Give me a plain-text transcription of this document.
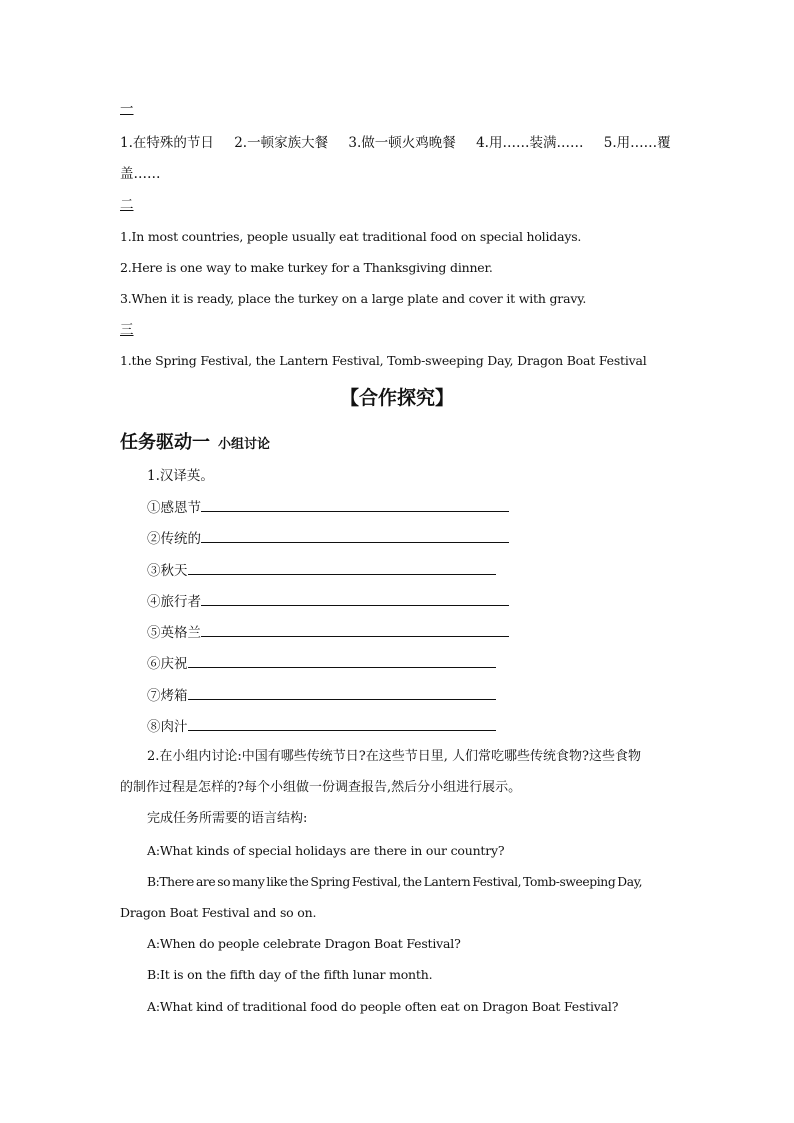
一
1.在特殊的节日 2.一顿家族大餐 3.做一顿火鸡晚餐 4.用……装满…… 5.用……覆
盖……
二
1.In most countries, people usually eat traditional food on special holidays.
2.Here is one way to make turkey for a Thanksgiving dinner.
3.When it is ready, place the turkey on a large plate and cover it with gravy.
三
1.the Spring Festival, the Lantern Festival, Tomb-sweeping Day, Dragon Boat Festival
【合作探究】
任务驱动一 小组讨论
1.汉译英。
①感恩节
②传统的
③秋天
④旅行者
⑤英格兰
⑥庆祝
⑦烤箱
⑧肉汁
2.在小组内讨论:中国有哪些传统节日?在这些节日里, 人们常吃哪些传统食物?这些食物
的制作过程是怎样的?每个小组做一份调查报告,然后分小组进行展示。
完成任务所需要的语言结构:
A:What kinds of special holidays are there in our country?
B:There are so many like the Spring Festival, the Lantern Festival, Tomb-sweeping Day,
Dragon Boat Festival and so on.
A:When do people celebrate Dragon Boat Festival?
B:It is on the fifth day of the fifth lunar month.
A:What kind of traditional food do people often eat on Dragon Boat Festival?
